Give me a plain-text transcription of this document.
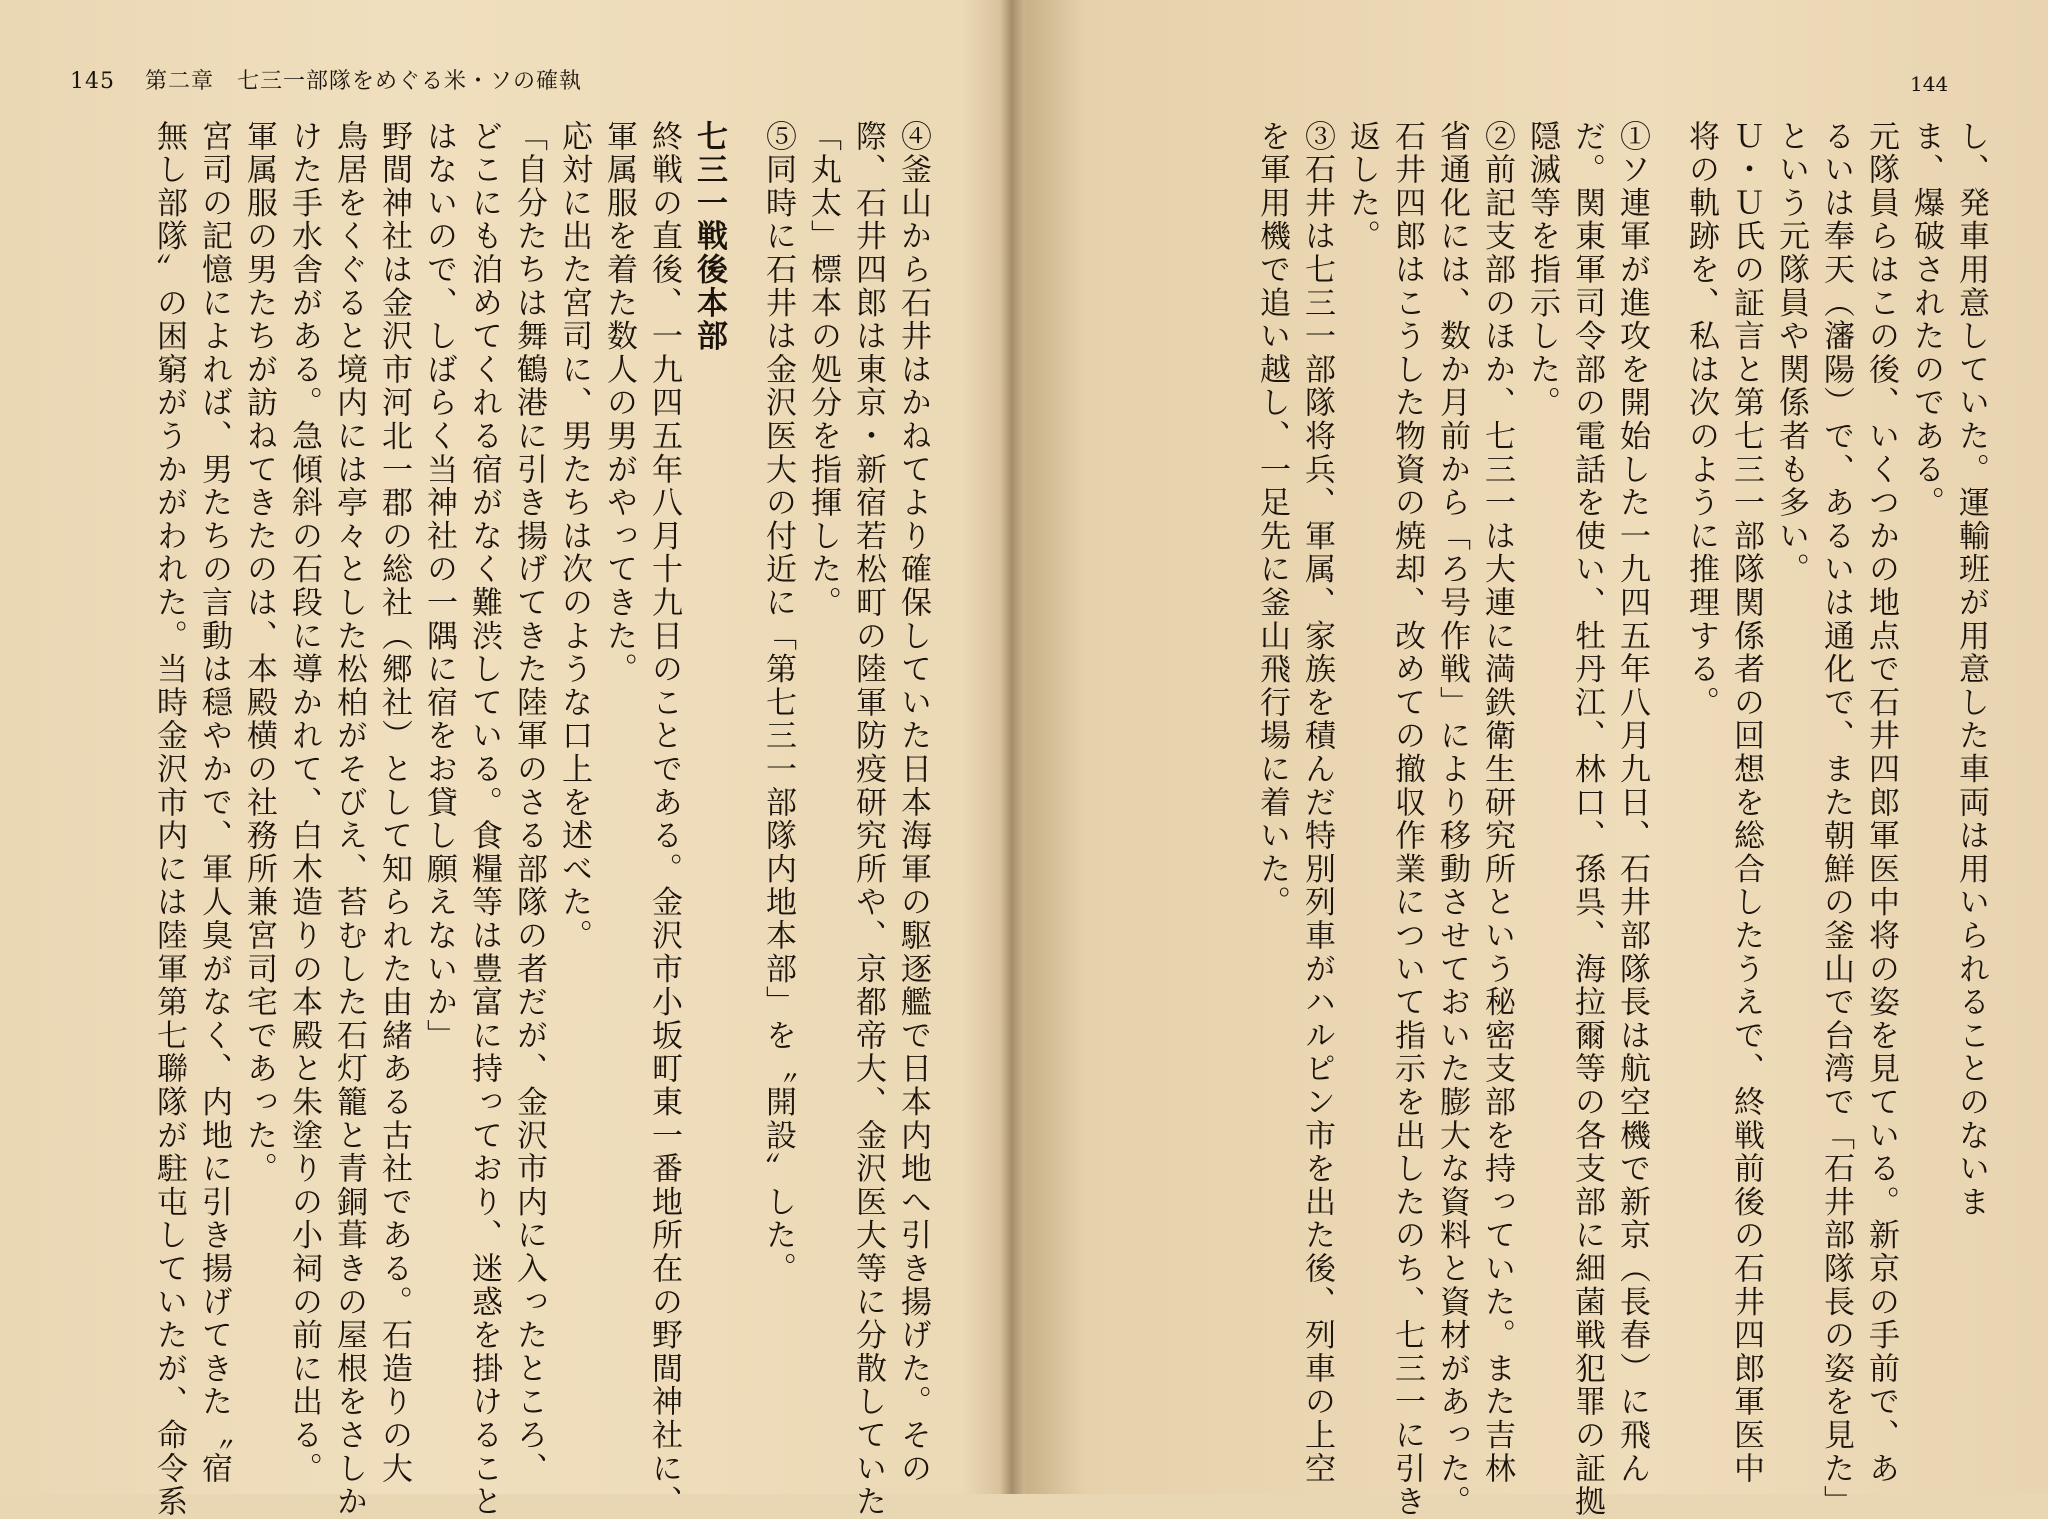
145 第二章　七三一部隊をめぐる米・ソの確執
④釜山から石井はかねてより確保していた日本海軍の駆逐艦で日本内地へ引き揚げた。その
際、石井四郎は東京・新宿若松町の陸軍防疫研究所や、京都帝大、金沢医大等に分散していた
「丸太」標本の処分を指揮した。
⑤同時に石井は金沢医大の付近に「第七三一部隊内地本部」を〝開設〟した。
七三一戦後本部
終戦の直後、一九四五年八月十九日のことである。金沢市小坂町東一番地所在の野間神社に、
軍属服を着た数人の男がやってきた。
応対に出た宮司に、男たちは次のような口上を述べた。
「自分たちは舞鶴港に引き揚げてきた陸軍のさる部隊の者だが、金沢市内に入ったところ、
どこにも泊めてくれる宿がなく難渋している。食糧等は豊富に持っており、迷惑を掛けること
はないので、しばらく当神社の一隅に宿をお貸し願えないか」
野間神社は金沢市河北一郡の総社（郷社）として知られた由緒ある古社である。石造りの大
鳥居をくぐると境内には亭々とした松柏がそびえ、苔むした石灯籠と青銅葺きの屋根をさしか
けた手水舎がある。急傾斜の石段に導かれて、白木造りの本殿と朱塗りの小祠の前に出る。
軍属服の男たちが訪ねてきたのは、本殿横の社務所兼宮司宅であった。
宮司の記憶によれば、男たちの言動は穏やかで、軍人臭がなく、内地に引き揚げてきた〝宿
無し部隊〟の困窮がうかがわれた。当時金沢市内には陸軍第七聯隊が駐屯していたが、命令系
144
し、発車用意していた。運輸班が用意した車両は用いられることのないま
ま、爆破されたのである。
元隊員らはこの後、いくつかの地点で石井四郎軍医中将の姿を見ている。新京の手前で、あ
るいは奉天（瀋陽）で、あるいは通化で、また朝鮮の釜山で台湾で「石井部隊長の姿を見た」
という元隊員や関係者も多い。
Ｕ・Ｕ氏の証言と第七三一部隊関係者の回想を総合したうえで、終戦前後の石井四郎軍医中
将の軌跡を、私は次のように推理する。
①ソ連軍が進攻を開始した一九四五年八月九日、石井部隊長は航空機で新京（長春）に飛ん
だ。関東軍司令部の電話を使い、牡丹江、林口、孫呉、海拉爾等の各支部に細菌戦犯罪の証拠
隠滅等を指示した。
②前記支部のほか、七三一は大連に満鉄衛生研究所という秘密支部を持っていた。また吉林
省通化には、数か月前から「ろ号作戦」により移動させておいた膨大な資料と資材があった。
石井四郎はこうした物資の焼却、改めての撤収作業について指示を出したのち、七三一に引き
返した。
③石井は七三一部隊将兵、軍属、家族を積んだ特別列車がハルピン市を出た後、列車の上空
を軍用機で追い越し、一足先に釜山飛行場に着いた。
